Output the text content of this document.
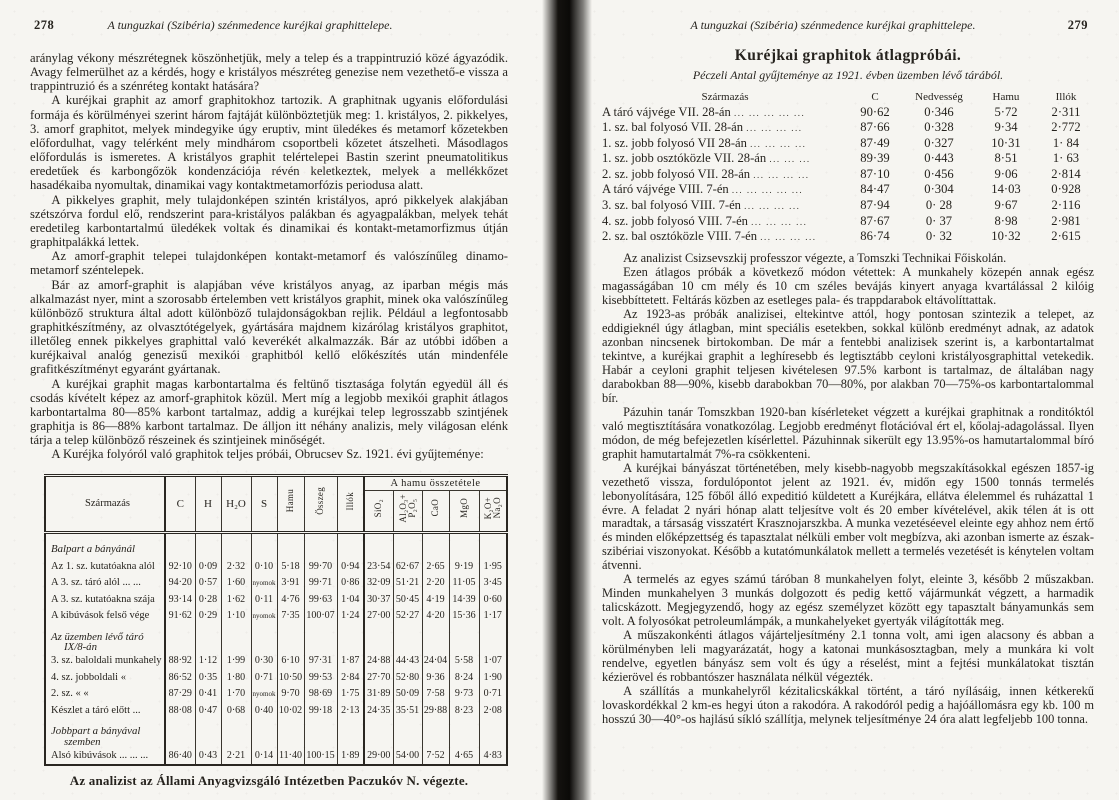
278	A tunguzkai (Szibéria) szénmedence kuréjkai graphittelepe.

aránylag vékony mészrétegnek köszönhetjük, mely a telep és a trappintruzió közé ágyazódik. Avagy felmerülhet az a kérdés, hogy e kristályos mészréteg genezise nem vezethető-e vissza a trappintruzió és a szénréteg kontakt hatására?

A kuréjkai graphit az amorf graphitokhoz tartozik. A graphitnak ugyanis előfordulási formája és körülményei szerint három fajtáját különböztetjük meg: 1. kristályos, 2. pikkelyes, 3. amorf graphitot, melyek mindegyike úgy eruptiv, mint üledékes és metamorf kőzetekben előfordulhat, vagy telérként mely mindhárom csoportbeli kőzetet átszelheti. Másodlagos előfordulás is ismeretes. A kristályos graphit telértelepei Bastin szerint pneumatolitikus eredetűek és karbongőzök kondenzációja révén keletkeztek, melyek a mellékkőzet hasadékaiba nyomultak, dinamikai vagy kontaktmetamorfózis periodusa alatt.

A pikkelyes graphit, mely tulajdonképen szintén kristályos, apró pikkelyek alakjában szétszórva fordul elő, rendszerint para-kristályos palákban és agyagpalákban, melyek tehát eredetileg karbontartalmú üledékek voltak és dinamikai és kontakt-metamorfizmus útján graphitpalákká lettek.

Az amorf-graphit telepei tulajdonképen kontakt-metamorf és valószínűleg dinamo-metamorf széntelepek.

Bár az amorf-graphit is alapjában véve kristályos anyag, az iparban mégis más alkalmazást nyer, mint a szorosabb értelemben vett kristályos graphit, minek oka valószínűleg különböző struktura által adott különböző tulajdonságokban rejlik. Például a legfontosabb graphitkészítmény, az olvasztótégelyek, gyártására majdnem kizárólag kristályos graphitot, illetőleg ennek pikkelyes graphittal való keverékét alkalmazzák. Bár az utóbbi időben a kuréjkaival analóg genezisű mexikói graphitból kellő előkészítés után mindenféle grafitkészítményt egyaránt gyártanak.

A kuréjkai graphit magas karbontartalma és feltünő tisztasága folytán egyedül áll és csodás kívételt képez az amorf-graphitok közül. Mert míg a legjobb mexikói graphit átlagos karbontartalma 80—85% karbont tartalmaz, addig a kuréjkai telep legrosszabb szintjének graphitja is 86—88% karbont tartalmaz. De álljon itt néhány analizis, mely világosan elénk tárja a telep különböző részeinek és szintjeinek minőségét.

A Kuréjka folyóról való graphitok teljes próbái, Obrucsev Sz. 1921. évi gyűjteménye:

Származás	C	H	H₂O	S	Hamu	Összeg	Illók	A hamu összetétele				
								SiO₂	Al₂O₃+
P₂O₅	CaO	MgO	K₂O+
Na₂O
Balpart a bányánál												
Az 1. sz. kutatóakna alól	92·10	0·09	2·32	0·10	5·18	99·70	0·94	23·54	62·67	2·65	9·19	1·95
A 3. sz. táró alól ... ...	94·20	0·57	1·60	nyomok	3·91	99·71	0·86	32·09	51·21	2·20	11·05	3·45
A 3. sz. kutatóakna szája	93·14	0·28	1·62	0·11	4·76	99·63	1·04	30·37	50·45	4·19	14·39	0·60
A kibúvások felső vége	91·62	0·29	1·10	nyomok	7·35	100·07	1·24	27·00	52·27	4·20	15·36	1·17
Az üzemben lévő táró
IX/8-án												

3. sz. baloldali munkahely	88·92	1·12	1·99	0·30	6·10	97·31	1·87	24·88	44·43	24·04	5·58	1·07
4. sz. jobboldali «	86·52	0·35	1·80	0·71	10·50	99·53	2·84	27·70	52·80	9·36	8·24	1·90
2. sz. « «	87·29	0·41	1·70	nyomok	9·70	98·69	1·75	31·89	50·09	7·58	9·73	0·71
Készlet a táró előtt ...	88·08	0·47	0·68	0·40	10·02	99·18	2·13	24·35	35·51	29·88	8·23	2·08
Jobbpart a bányával
szemben												

Alsó kibúvások ... ... ...	86·40	0·43	2·21	0·14	11·40	100·15	1·89	29·00	54·00	7·52	4·65	4·83
Az analizist az Állami Anyagvizsgáló Intézetben Paczukóv N. végezte.
A tunguzkai (Szibéria) szénmedence kuréjkai graphittelepe.	279
Kuréjkai graphitok átlagpróbái.
Péczeli Antal gyűjteménye az 1921. évben üzemben lévő tárából.
Származás	C	Nedvesség	Hamu	Illók
A táró vájvége VII. 28-án ... ... ... ... ...	90·62	0·346	5·72	2·311
1. sz. bal folyosó VII. 28-án ... ... ... ...	87·66	0·328	9·34	2·772
1. sz. jobb folyosó VII 28-án ... ... ... ...	87·49	0·327	10·31	1· 84
1. sz. jobb osztóközle VII. 28-án ... ... ...	89·39	0·443	8·51	1· 63
2. sz. jobb folyosó VII. 28-án ... ... ... ...	87·10	0·456	9·06	2·814
A táró vájvége VIII. 7-én ... ... ... ... ...	84·47	0·304	14·03	0·928
3. sz. bal folyosó VIII. 7-én ... ... ... ...	87·94	0· 28	9·67	2·116
4. sz. jobb folyosó VIII. 7-én ... ... ... ...	87·67	0· 37	8·98	2·981
2. sz. bal osztóközle VIII. 7-én ... ... ... ...	86·74	0· 32	10·32	2·615

Az analizist Csizsevszkij professzor végezte, a Tomszki Technikai Főiskolán.

Ezen átlagos próbák a következő módon vétettek: A munkahely közepén annak egész magasságában 10 cm mély és 10 cm széles bevájás kinyert anyaga kvartálással 2 kilóig kisebbíttetett. Feltárás közben az esetleges pala- és trappdarabok eltávolíttattak.

Az 1923-as próbák analizisei, eltekintve attól, hogy pontosan szintezik a telepet, az eddigieknél úgy átlagban, mint speciális esetekben, sokkal különb eredményt adnak, az adatok azonban nincsenek birtokomban. De már a fentebbi analizisek szerint is, a karbontartalmat tekintve, a kuréjkai graphit a leghíresebb és legtisztább ceyloni kristályosgraphittal vetekedik. Habár a ceyloni graphit teljesen kivételesen 97.5% karbont is tartalmaz, de általában nagy darabokban 88—90%, kisebb darabokban 70—80%, por alakban 70—75%-os karbontartalommal bír.

Pázuhin tanár Tomszkban 1920-ban kísérleteket végzett a kuréjkai graphitnak a ronditóktól való megtisztítására vonatkozólag. Legjobb eredményt flotációval ért el, kőolaj-adagolással. Ilyen módon, de még befejezetlen kísérlettel. Pázuhinnak sikerült egy 13.95%-os hamutartalommal bíró graphit hamutartalmát 7%-ra csökkenteni.

A kuréjkai bányászat történetében, mely kisebb-nagyobb megszakításokkal egészen 1857-ig vezethető vissza, fordulópontot jelent az 1921. év, midőn egy 1500 tonnás termelés lebonyolítására, 125 főből álló expeditió küldetett a Kuréjkára, ellátva élelemmel és ruházattal 1 évre. A feladat 2 nyári hónap alatt teljesítve volt és 20 ember kívételével, akik télen át is ott maradtak, a társaság visszatért Krasznojarszkba. A munka vezetéséevel eleinte egy ahhoz nem értő és minden előképzettség és tapasztalat nélküli ember volt megbízva, aki azonban ismerte az észak-szibériai viszonyokat. Később a kutatómunkálatok mellett a termelés vezetését is kénytelen voltam átvenni.

A termelés az egyes számú táróban 8 munkahelyen folyt, eleinte 3, később 2 műszakban. Minden munkahelyen 3 munkás dolgozott és pedig kettő vájármunkát végzett, a harmadik talicskázott. Megjegyzendő, hogy az egész személyzet között egy tapasztalt bányamunkás sem volt. A folyosókat petroleumlámpák, a munkahelyeket gyertyák világították meg.

A műszakonkénti átlagos vájárteljesítmény 2.1 tonna volt, ami igen alacsony és abban a körülményben leli magyarázatát, hogy a katonai munkásosztagban, mely a munkára ki volt rendelve, egyetlen bányász sem volt és úgy a réselést, mint a fejtési munkálatokat tisztán kézierövel és robbantószer használata nélkül végezték.

A szállítás a munkahelyről kézitalicskákkal történt, a táró nyílásáig, innen kétkerekű lovaskordékkal 2 km-es hegyi úton a rakodóra. A rakodóról pedig a hajóállomásra egy kb. 100 m hosszú 30—40°-os hajlású síkló szállítja, melynek teljesítménye 24 óra alatt legfeljebb 100 tonna.
